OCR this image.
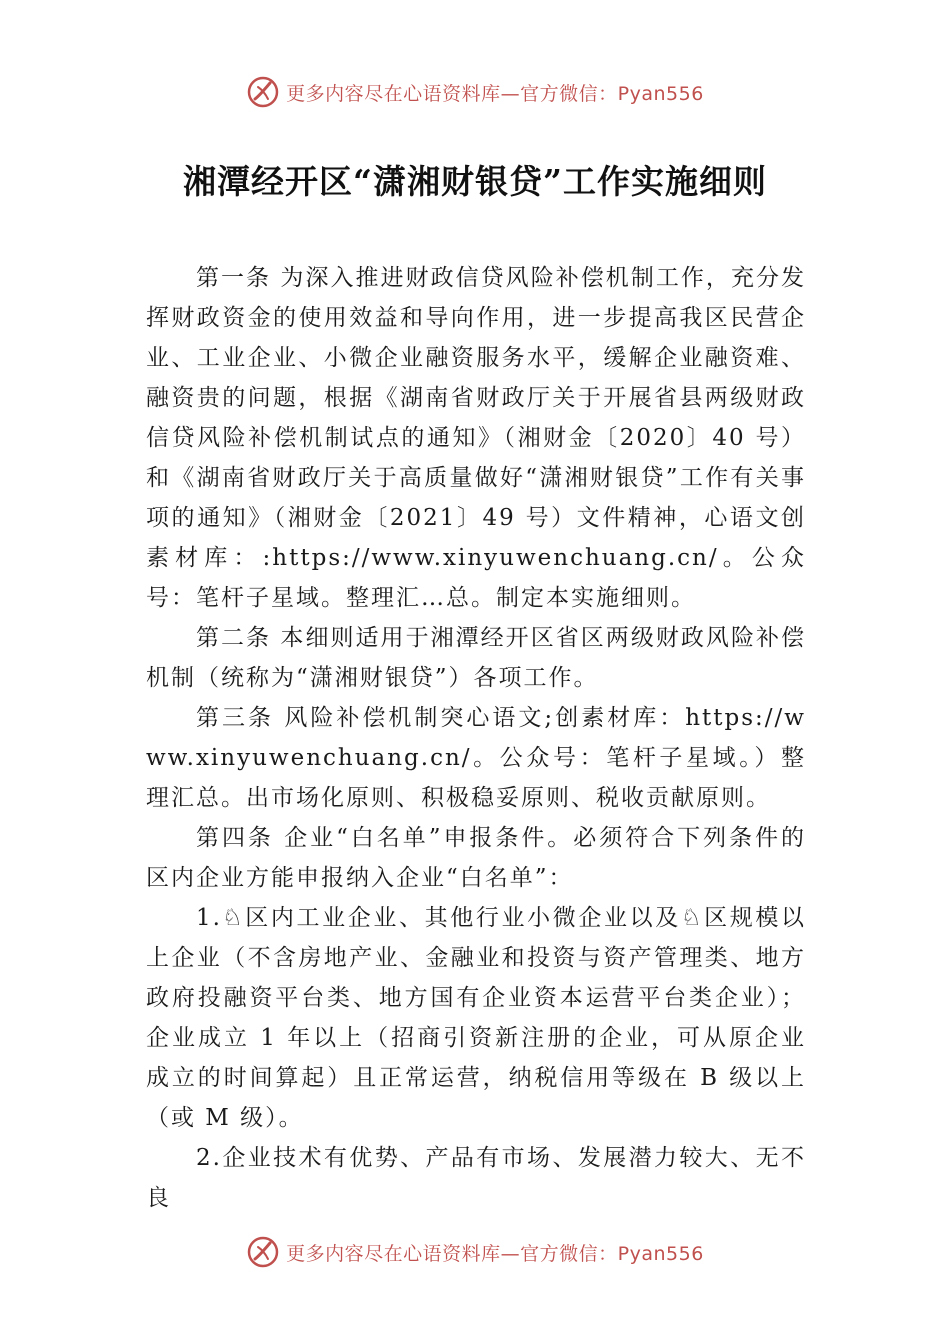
更多内容尽在心语资料库—官方微信：Pyan556
湘潭经开区“潇湘财银贷”工作实施细则

第一条 为深入推进财政信贷风险补偿机制工作，充分发挥财政资金的使用效益和导向作用，进一步提高我区民营企业、工业企业、小微企业融资服务水平，缓解企业融资难、融资贵的问题，根据《湖南省财政厅关于开展省县两级财政信贷风险补偿机制试点的通知》（湘财金〔2020〕40 号）和《湖南省财政厅关于高质量做好“潇湘财银贷”工作有关事项的通知》（湘财金〔2021〕49 号）文件精神，心语文创素材库：:https://www.xinyuwenchuang.cn/。公众号：笔杆子星域。整理汇…总。制定本实施细则。

第二条 本细则适用于湘潭经开区省区两级财政风险补偿机制（统称为“潇湘财银贷”）各项工作。

第三条 风险补偿机制突心语文;创素材库：https://www.xinyuwenchuang.cn/。公众号：笔杆子星域。）整理汇总。出市场化原则、积极稳妥原则、税收贡献原则。

第四条 企业“白名单”申报条件。必须符合下列条件的区内企业方能申报纳入企业“白名单”：

1.♘区内工业企业、其他行业小微企业以及♘区规模以上企业（不含房地产业、金融业和投资与资产管理类、地方政府投融资平台类、地方国有企业资本运营平台类企业）；企业成立 1 年以上（招商引资新注册的企业，可从原企业成立的时间算起）且正常运营，纳税信用等级在 B 级以上（或 M 级）。

2.企业技术有优势、产品有市场、发展潜力较大、无不良

更多内容尽在心语资料库—官方微信：Pyan556
